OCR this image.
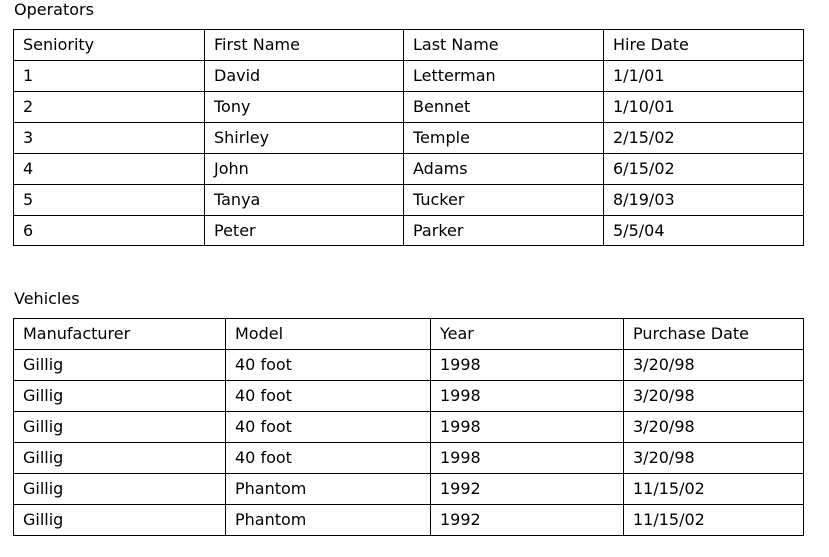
Operators
Seniority	First Name	Last Name	Hire Date
1	David	Letterman	1/1/01
2	Tony	Bennet	1/10/01
3	Shirley	Temple	2/15/02
4	John	Adams	6/15/02
5	Tanya	Tucker	8/19/03
6	Peter	Parker	5/5/04
Vehicles
Manufacturer	Model	Year	Purchase Date
Gillig	40 foot	1998	3/20/98
Gillig	40 foot	1998	3/20/98
Gillig	40 foot	1998	3/20/98
Gillig	40 foot	1998	3/20/98
Gillig	Phantom	1992	11/15/02
Gillig	Phantom	1992	11/15/02
